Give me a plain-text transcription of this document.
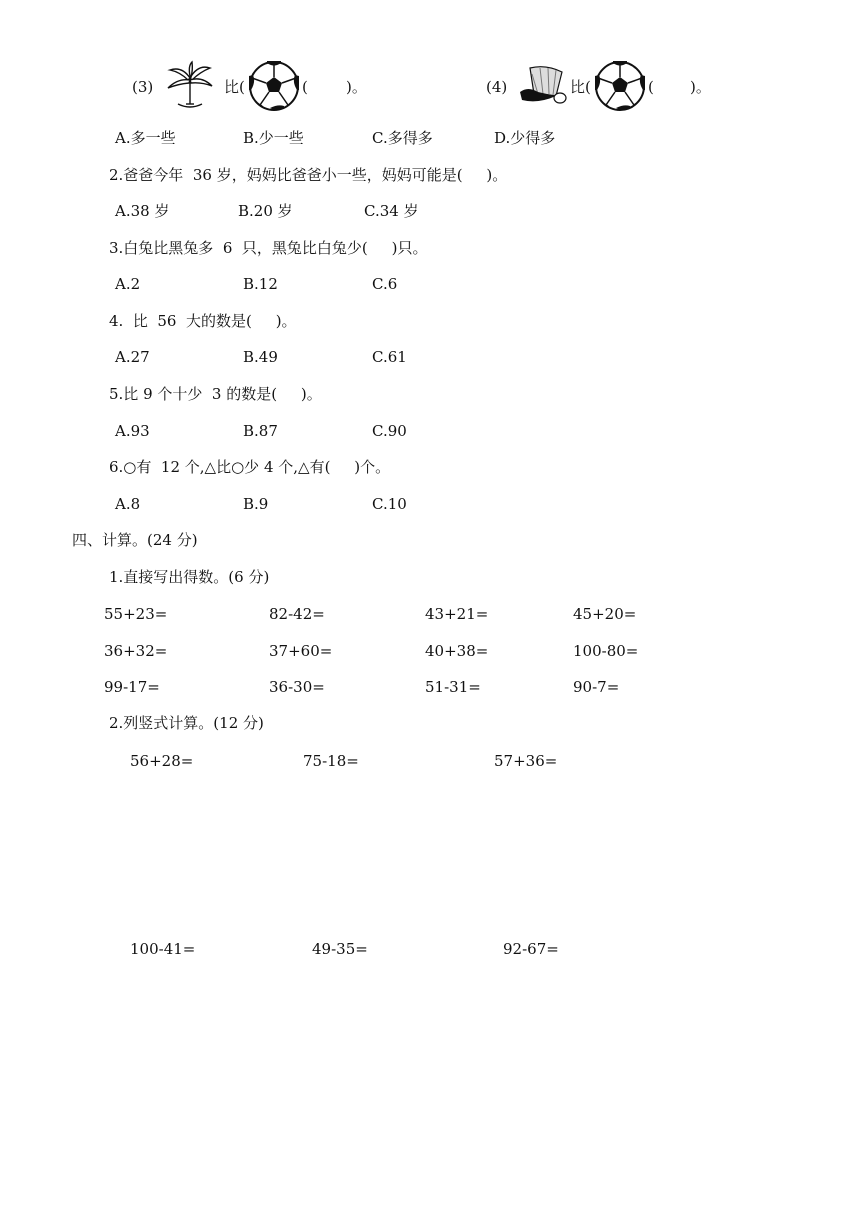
(3)	比(	(	)。	(4)	比(	( )。
A.多一些	B.少一些	C.多得多	D.少得多
2.爸爸今年  36 岁，妈妈比爸爸小一些，妈妈可能是(     )。
A.38 岁	B.20 岁	C.34 岁
3.白兔比黑兔多  6  只，黑兔比白兔少(     )只。
A.2	B.12	C.6
4.  比  56  大的数是(     )。
A.27	B.49	C.61
5.比 9 个十少  3 的数是(     )。
A.93	B.87	C.90
6.○有  12 个,△比○少 4 个,△有(     )个。
A.8	B.9	C.10
四、计算。(24 分)
1.直接写出得数。(6 分)
55+23=	82-42=	43+21=	45+20=
36+32=	37+60=	40+38=	100-80=
99-17=	36-30=	51-31=	90-7=
2.列竖式计算。(12 分)
56+28=	75-18=	57+36=
100-41=	49-35=	92-67=
